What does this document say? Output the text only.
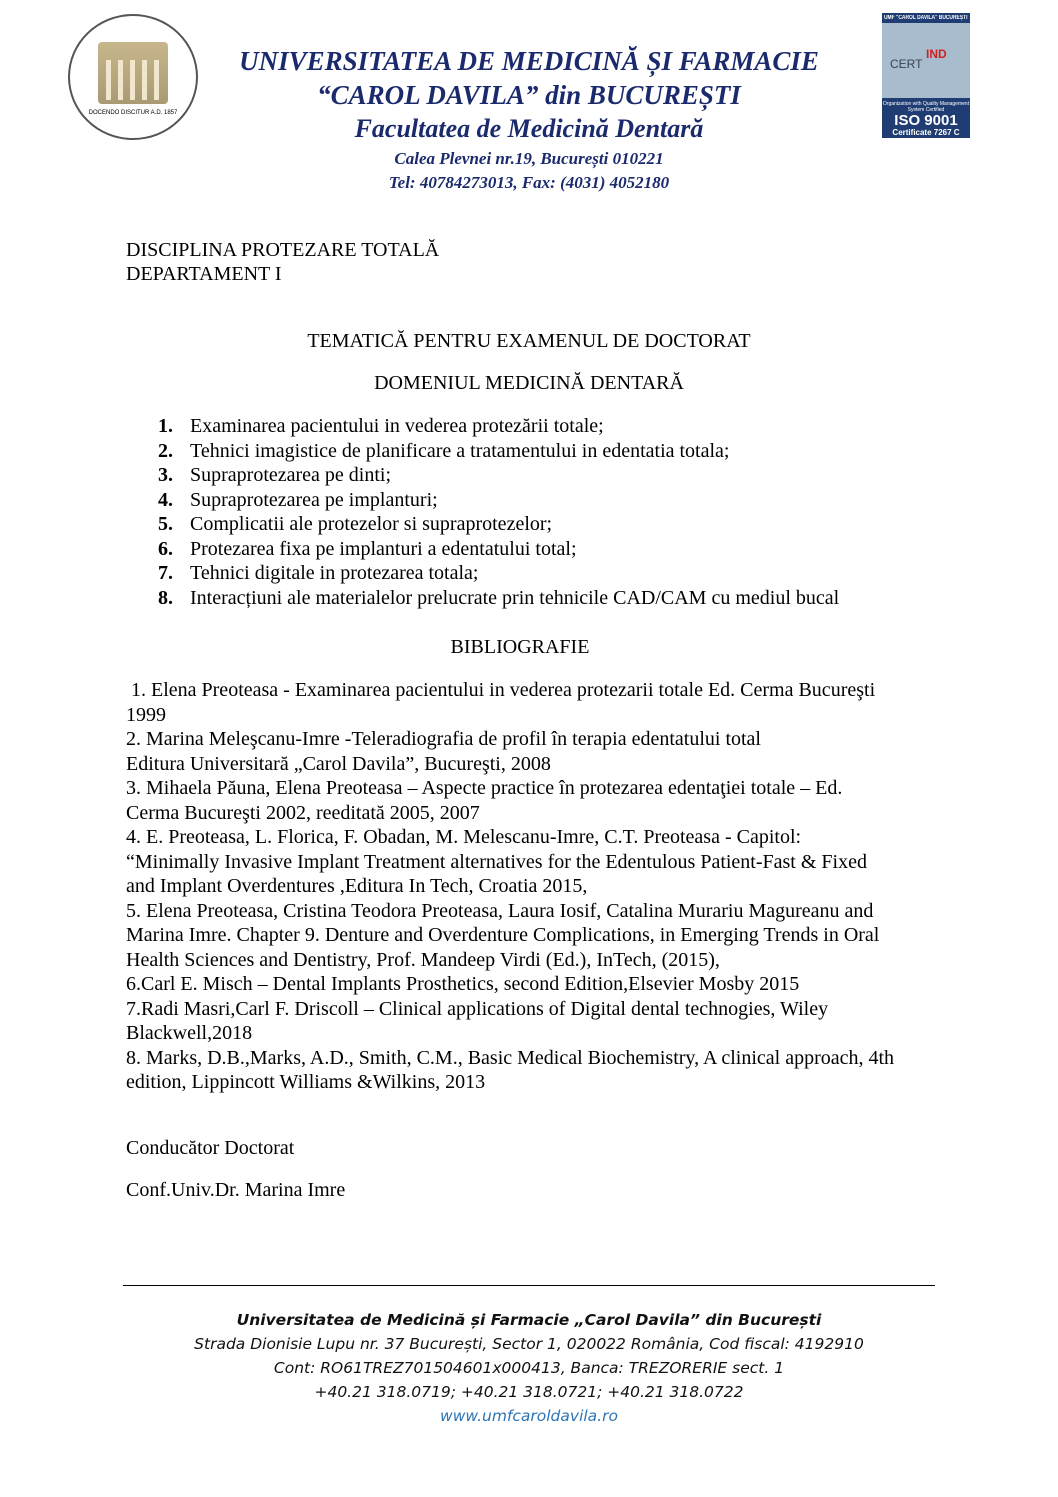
DOCENDO DISCITUR A.D. 1857
UNIVERSITATEA DE MEDICINĂ ȘI FARMACIE
“CAROL DAVILA” din BUCUREȘTI
Facultatea de Medicină Dentară
Calea Plevnei nr.19, București 010221
Tel: 40784273013, Fax: (4031) 4052180
UMF "CAROL DAVILA" BUCUREȘTI
CERT
IND
Organization with Quality Management System Certified
ISO 9001
Certificate 7267 C
DISCIPLINA PROTEZARE TOTALĂ
DEPARTAMENT I
TEMATICĂ PENTRU EXAMENUL DE DOCTORAT
DOMENIUL MEDICINĂ DENTARĂ
1. Examinarea pacientului in vederea protezării totale;
2. Tehnici imagistice de planificare a tratamentului in edentatia totala;
3. Supraprotezarea pe dinti;
4. Supraprotezarea pe implanturi;
5. Complicatii ale protezelor si supraprotezelor;
6. Protezarea fixa pe implanturi a edentatului total;
7. Tehnici digitale in protezarea totala;
8. Interacțiuni ale materialelor prelucrate prin tehnicile CAD/CAM cu mediul bucal
BIBLIOGRAFIE
1. Elena Preoteasa - Examinarea pacientului in vederea protezarii totale Ed. Cerma Bucureşti
1999
2. Marina Meleşcanu-Imre -Teleradiografia de profil în terapia edentatului total
Editura Universitară „Carol Davila”, Bucureşti, 2008
3. Mihaela Păuna, Elena Preoteasa – Aspecte practice în protezarea edentaţiei totale – Ed.
Cerma Bucureşti 2002, reeditată 2005, 2007
4. E. Preoteasa, L. Florica, F. Obadan, M. Melescanu-Imre, C.T. Preoteasa - Capitol:
“Minimally Invasive Implant Treatment alternatives for the Edentulous Patient-Fast & Fixed
and Implant Overdentures ,Editura In Tech, Croatia 2015,
5. Elena Preoteasa, Cristina Teodora Preoteasa, Laura Iosif, Catalina Murariu Magureanu and
Marina Imre. Chapter 9. Denture and Overdenture Complications, in Emerging Trends in Oral
Health Sciences and Dentistry, Prof. Mandeep Virdi (Ed.), InTech, (2015),
6.Carl E. Misch – Dental Implants Prosthetics, second Edition,Elsevier Mosby 2015
7.Radi Masri,Carl F. Driscoll – Clinical applications of Digital dental technogies, Wiley
Blackwell,2018
8. Marks, D.B.,Marks, A.D., Smith, C.M., Basic Medical Biochemistry, A clinical approach, 4th
edition, Lippincott Williams &Wilkins, 2013
Conducător Doctorat
Conf.Univ.Dr. Marina Imre
Universitatea de Medicină și Farmacie „Carol Davila” din București
Strada Dionisie Lupu nr. 37 București, Sector 1, 020022 România, Cod fiscal: 4192910
Cont: RO61TREZ701504601x000413, Banca: TREZORERIE sect. 1
+40.21 318.0719; +40.21 318.0721; +40.21 318.0722
www.umfcaroldavila.ro
